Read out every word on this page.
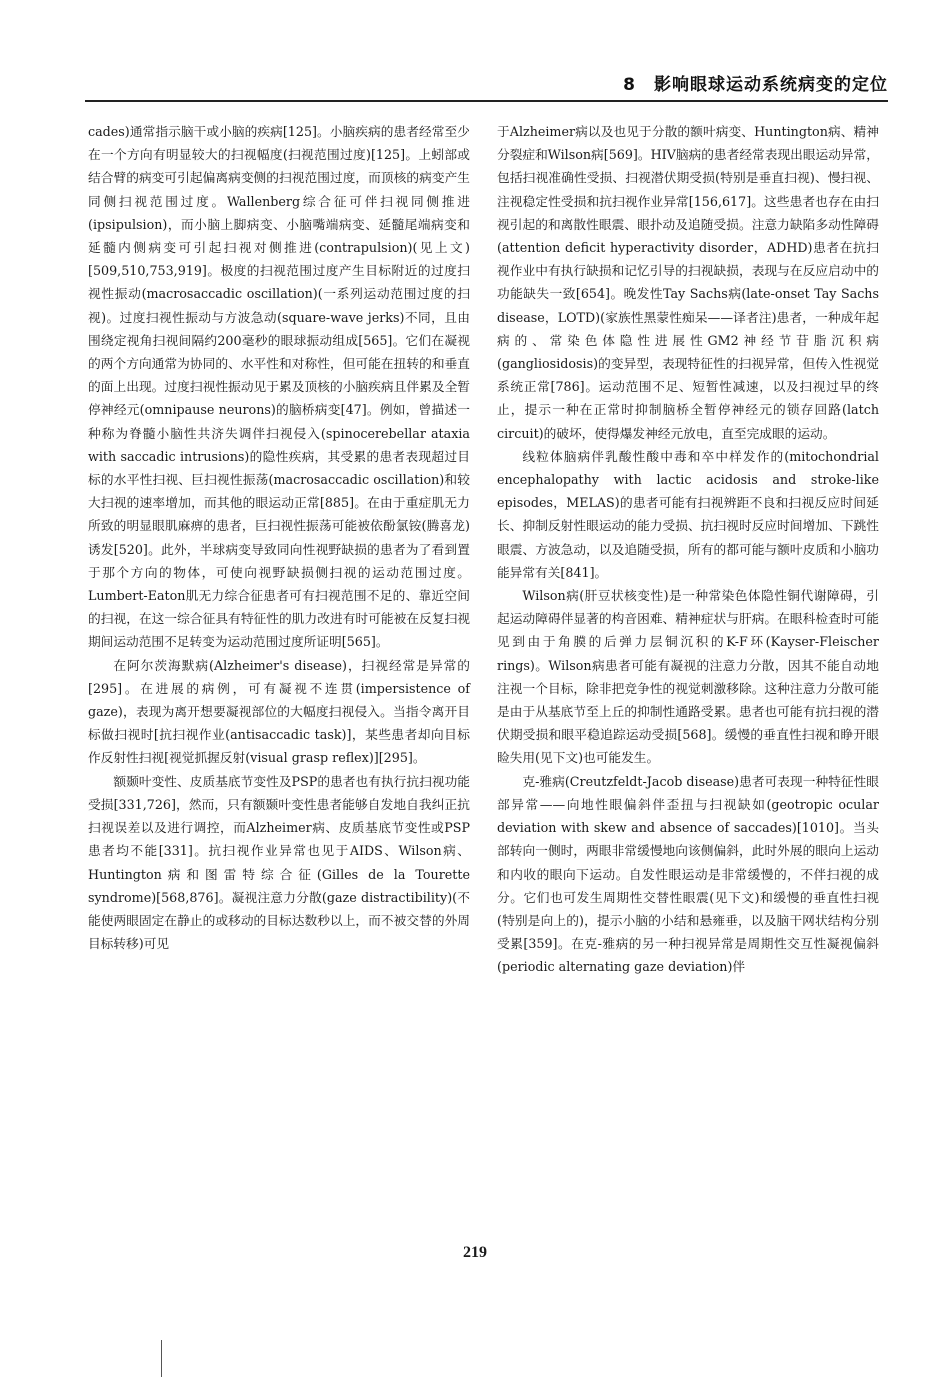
8　影响眼球运动系统病变的定位

cades)通常指示脑干或小脑的疾病[125]。小脑疾病的患者经常至少在一个方向有明显较大的扫视幅度(扫视范围过度)[125]。上蚓部或结合臂的病变可引起偏离病变侧的扫视范围过度，而顶核的病变产生同侧扫视范围过度。Wallenberg综合征可伴扫视同侧推进(ipsipulsion)，而小脑上脚病变、小脑嘴端病变、延髓尾端病变和延髓内侧病变可引起扫视对侧推进(contrapulsion)(见上文)[509,510,753,919]。极度的扫视范围过度产生目标附近的过度扫视性振动(macrosaccadic oscillation)(一系列运动范围过度的扫视)。过度扫视性振动与方波急动(square-wave jerks)不同，且由围绕定视角扫视间隔约200毫秒的眼球振动组成[565]。它们在凝视的两个方向通常为协同的、水平性和对称性，但可能在扭转的和垂直的面上出现。过度扫视性振动见于累及顶核的小脑疾病且伴累及全暂停神经元(omnipause neurons)的脑桥病变[47]。例如，曾描述一种称为脊髓小脑性共济失调伴扫视侵入(spinocerebellar ataxia with saccadic intrusions)的隐性疾病，其受累的患者表现超过目标的水平性扫视、巨扫视性振荡(macrosaccadic oscillation)和较大扫视的速率增加，而其他的眼运动正常[885]。在由于重症肌无力所致的明显眼肌麻痹的患者，巨扫视性振荡可能被依酚氯铵(腾喜龙)诱发[520]。此外，半球病变导致同向性视野缺损的患者为了看到置于那个方向的物体，可使向视野缺损侧扫视的运动范围过度。Lumbert-Eaton肌无力综合征患者可有扫视范围不足的、靠近空间的扫视，在这一综合征具有特征性的肌力改进有时可能被在反复扫视期间运动范围不足转变为运动范围过度所证明[565]。

在阿尔茨海默病(Alzheimer's disease)，扫视经常是异常的[295]。在进展的病例，可有凝视不连贯(impersistence of gaze)，表现为离开想要凝视部位的大幅度扫视侵入。当指令离开目标做扫视时[抗扫视作业(antisaccadic task)]，某些患者却向目标作反射性扫视[视觉抓握反射(visual grasp reflex)][295]。

额颞叶变性、皮质基底节变性及PSP的患者也有执行抗扫视功能受损[331,726]，然而，只有额颞叶变性患者能够自发地自我纠正抗扫视误差以及进行调控，而Alzheimer病、皮质基底节变性或PSP患者均不能[331]。抗扫视作业异常也见于AIDS、Wilson病、Huntington病和图雷特综合征(Gilles de la Tourette syndrome)[568,876]。凝视注意力分散(gaze distractibility)(不能使两眼固定在静止的或移动的目标达数秒以上，而不被交替的外周目标转移)可见

于Alzheimer病以及也见于分散的额叶病变、Huntington病、精神分裂症和Wilson病[569]。HIV脑病的患者经常表现出眼运动异常，包括扫视准确性受损、扫视潜伏期受损(特别是垂直扫视)、慢扫视、注视稳定性受损和抗扫视作业异常[156,617]。这些患者也存在由扫视引起的和离散性眼震、眼扑动及追随受损。注意力缺陷多动性障碍(attention deficit hyperactivity disorder，ADHD)患者在抗扫视作业中有执行缺损和记忆引导的扫视缺损，表现与在反应启动中的功能缺失一致[654]。晚发性Tay Sachs病(late-onset Tay Sachs disease，LOTD)(家族性黑蒙性痴呆——译者注)患者，一种成年起病的、常染色体隐性进展性GM2神经节苷脂沉积病(gangliosidosis)的变异型，表现特征性的扫视异常，但传入性视觉系统正常[786]。运动范围不足、短暂性减速，以及扫视过早的终止，提示一种在正常时抑制脑桥全暂停神经元的锁存回路(latch circuit)的破坏，使得爆发神经元放电，直至完成眼的运动。

线粒体脑病伴乳酸性酸中毒和卒中样发作的(mitochondrial encephalopathy with lactic acidosis and stroke-like episodes，MELAS)的患者可能有扫视辨距不良和扫视反应时间延长、抑制反射性眼运动的能力受损、抗扫视时反应时间增加、下跳性眼震、方波急动，以及追随受损，所有的都可能与额叶皮质和小脑功能异常有关[841]。

Wilson病(肝豆状核变性)是一种常染色体隐性铜代谢障碍，引起运动障碍伴显著的构音困难、精神症状与肝病。在眼科检查时可能见到由于角膜的后弹力层铜沉积的K-F环(Kayser-Fleischer rings)。Wilson病患者可能有凝视的注意力分散，因其不能自动地注视一个目标，除非把竞争性的视觉刺激移除。这种注意力分散可能是由于从基底节至上丘的抑制性通路受累。患者也可能有抗扫视的潜伏期受损和眼平稳追踪运动受损[568]。缓慢的垂直性扫视和睁开眼睑失用(见下文)也可能发生。

克-雅病(Creutzfeldt-Jacob disease)患者可表现一种特征性眼部异常——向地性眼偏斜伴歪扭与扫视缺如(geotropic ocular deviation with skew and absence of saccades)[1010]。当头部转向一侧时，两眼非常缓慢地向该侧偏斜，此时外展的眼向上运动和内收的眼向下运动。自发性眼运动是非常缓慢的，不伴扫视的成分。它们也可发生周期性交替性眼震(见下文)和缓慢的垂直性扫视(特别是向上的)，提示小脑的小结和悬雍垂，以及脑干网状结构分别受累[359]。在克-雅病的另一种扫视异常是周期性交互性凝视偏斜(periodic alternating gaze deviation)伴

219
